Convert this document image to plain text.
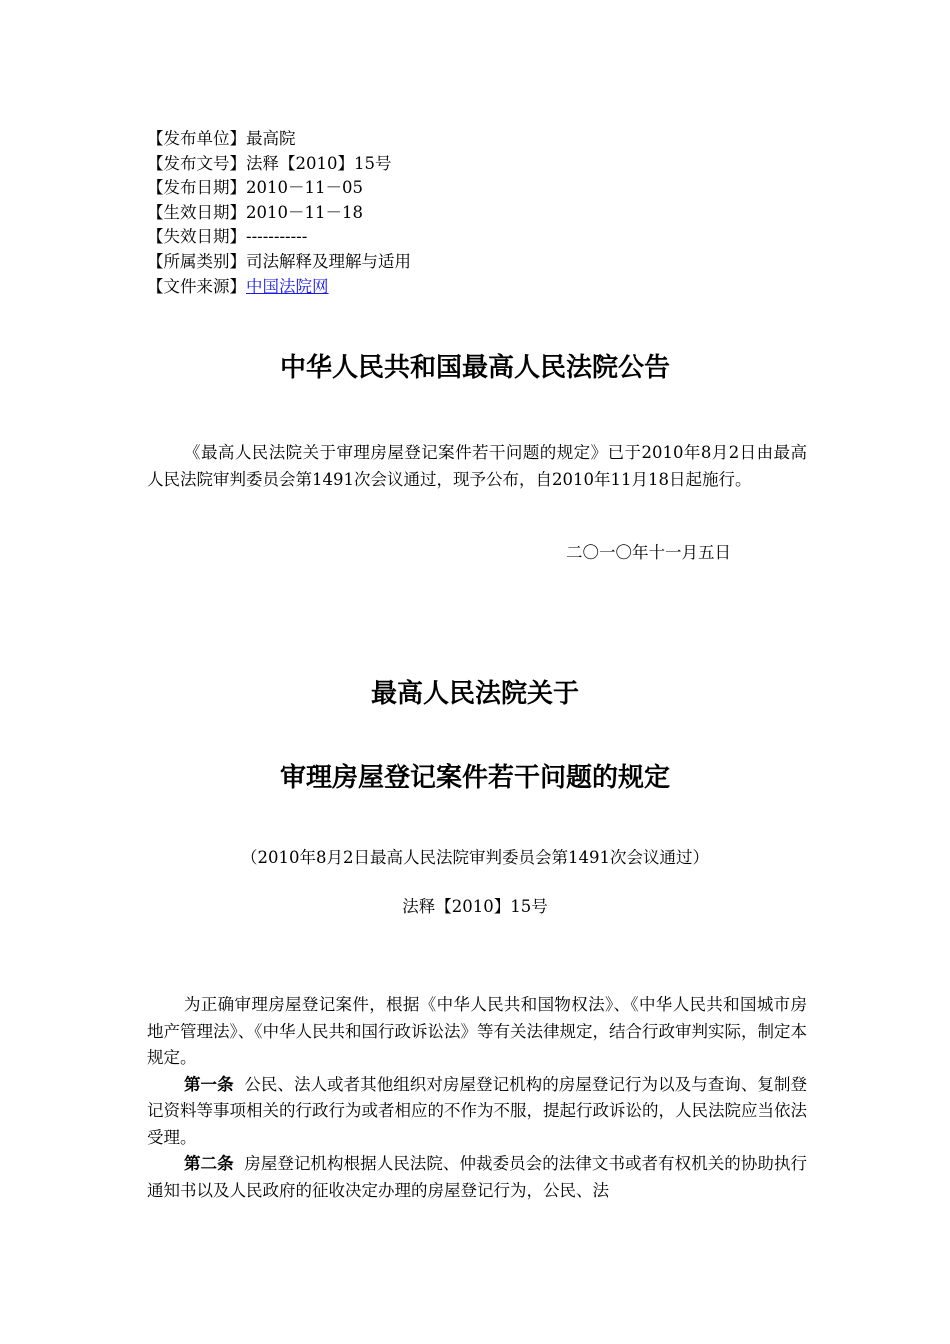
【发布单位】最高院
【发布文号】法释【2010】15号
【发布日期】2010－11－05
【生效日期】2010－11－18
【失效日期】-----------
【所属类别】司法解释及理解与适用
【文件来源】中国法院网
中华人民共和国最高人民法院公告
《最高人民法院关于审理房屋登记案件若干问题的规定》已于2010年8月2日由最高人民法院审判委员会第1491次会议通过，现予公布，自2010年11月18日起施行。
二〇一〇年十一月五日
最高人民法院关于
审理房屋登记案件若干问题的规定
（2010年8月2日最高人民法院审判委员会第1491次会议通过）
法释【2010】15号
为正确审理房屋登记案件，根据《中华人民共和国物权法》、《中华人民共和国城市房地产管理法》、《中华人民共和国行政诉讼法》等有关法律规定，结合行政审判实际，制定本规定。
第一条 公民、法人或者其他组织对房屋登记机构的房屋登记行为以及与查询、复制登记资料等事项相关的行政行为或者相应的不作为不服，提起行政诉讼的，人民法院应当依法受理。
第二条 房屋登记机构根据人民法院、仲裁委员会的法律文书或者有权机关的协助执行通知书以及人民政府的征收决定办理的房屋登记行为，公民、法
